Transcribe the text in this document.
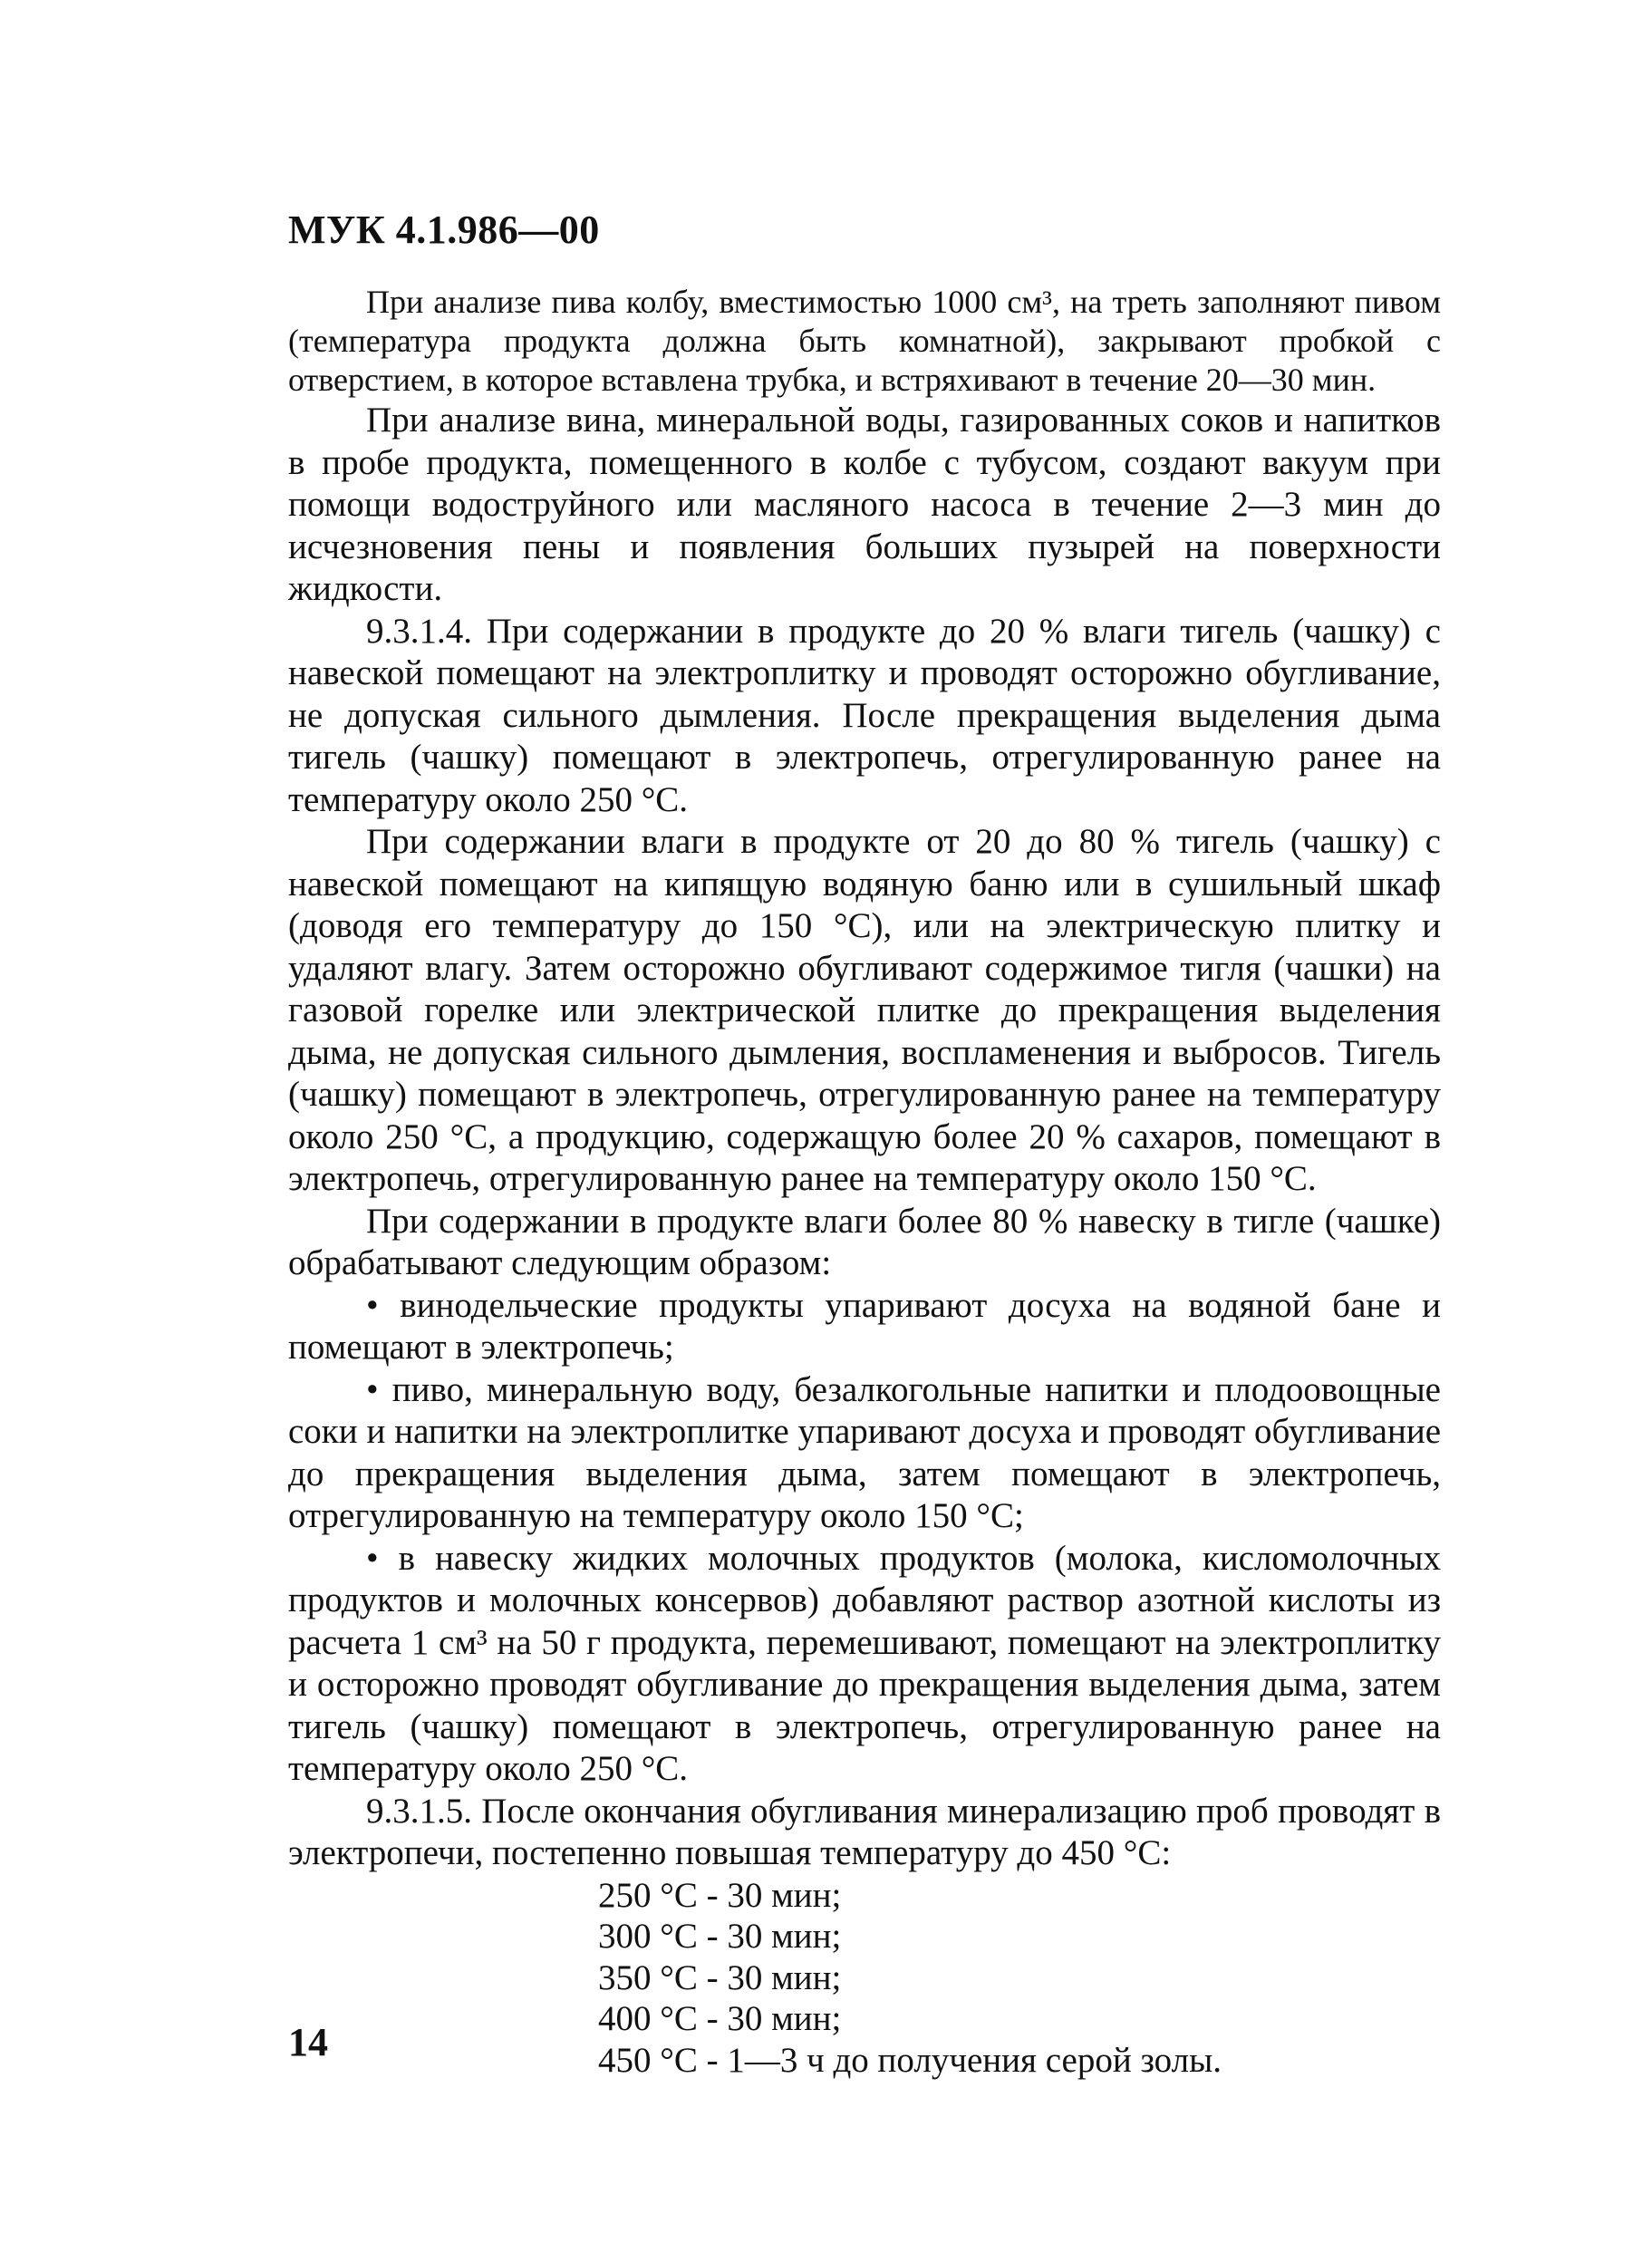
МУК 4.1.986—00

При анализе пива колбу, вместимостью 1000 см³, на треть заполняют пивом (температура продукта должна быть комнатной), закрывают пробкой с отверстием, в которое вставлена трубка, и встряхивают в течение 20—30 мин.

При анализе вина, минеральной воды, газированных соков и напитков в пробе продукта, помещенного в колбе с тубусом, создают вакуум при помощи водоструйного или масляного насоса в течение 2—3 мин до исчезновения пены и появления больших пузырей на поверхности жидкости.

9.3.1.4. При содержании в продукте до 20 % влаги тигель (чашку) с навеской помещают на электроплитку и проводят осторожно обугливание, не допуская сильного дымления. После прекращения выделения дыма тигель (чашку) помещают в электропечь, отрегулированную ранее на температуру около 250 °С.

При содержании влаги в продукте от 20 до 80 % тигель (чашку) с навеской помещают на кипящую водяную баню или в сушильный шкаф (доводя его температуру до 150 °С), или на электрическую плитку и удаляют влагу. Затем осторожно обугливают содержимое тигля (чашки) на газовой горелке или электрической плитке до прекращения выделения дыма, не допуская сильного дымления, воспламенения и выбросов. Тигель (чашку) помещают в электропечь, отрегулированную ранее на температуру около 250 °С, а продукцию, содержащую более 20 % сахаров, помещают в электропечь, отрегулированную ранее на температуру около 150 °С.

При содержании в продукте влаги более 80 % навеску в тигле (чашке) обрабатывают следующим образом:

• винодельческие продукты упаривают досуха на водяной бане и помещают в электропечь;

• пиво, минеральную воду, безалкогольные напитки и плодоовощные соки и напитки на электроплитке упаривают досуха и проводят обугливание до прекращения выделения дыма, затем помещают в электропечь, отрегулированную на температуру около 150 °С;

• в навеску жидких молочных продуктов (молока, кисломолочных продуктов и молочных консервов) добавляют раствор азотной кислоты из расчета 1 см³ на 50 г продукта, перемешивают, помещают на электроплитку и осторожно проводят обугливание до прекращения выделения дыма, затем тигель (чашку) помещают в электропечь, отрегулированную ранее на температуру около 250 °С.

9.3.1.5. После окончания обугливания минерализацию проб проводят в электропечи, постепенно повышая температуру до 450 °С:

250 °С - 30 мин;
300 °С - 30 мин;
350 °С - 30 мин;
400 °С - 30 мин;
450 °С - 1—3 ч до получения серой золы.
14
